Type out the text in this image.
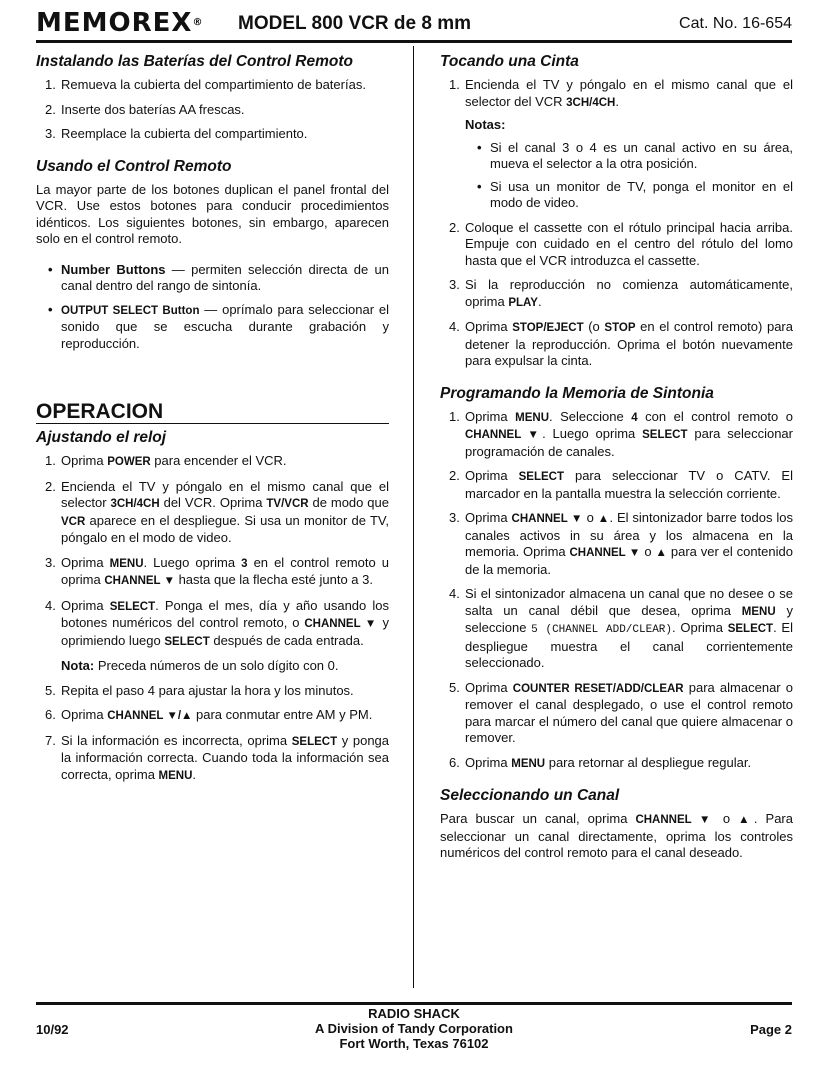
MEMOREX® MODEL 800 VCR de 8 mm	Cat. No. 16-654
Instalando las Baterías del Control Remoto
1. Remueva la cubierta del compartimiento de baterías.
2. Inserte dos baterías AA frescas.
3. Reemplace la cubierta del compartimiento.
Usando el Control Remoto

La mayor parte de los botones duplican el panel frontal del VCR. Use estos botones para conducir procedimientos idénticos. Los siguientes botones, sin embargo, aparecen solo en el control remoto.

• Number Buttons — permiten selección directa de un canal dentro del rango de sintonía.
• OUTPUT SELECT Button — oprímalo para seleccionar el sonido que se escucha durante grabación y reproducción.
OPERACION
Ajustando el reloj
1. Oprima POWER para encender el VCR.
2. Encienda el TV y póngalo en el mismo canal que el selector 3CH/4CH del VCR. Oprima TV/VCR de modo que VCR aparece en el despliegue. Si usa un monitor de TV, póngalo en el modo de video.
3. Oprima MENU. Luego oprima 3 en el control remoto u oprima CHANNEL ▼ hasta que la flecha esté junto a 3.
4. Oprima SELECT. Ponga el mes, día y año usando los botones numéricos del control remoto, o CHANNEL ▼ y oprimiendo luego SELECT después de cada entrada.
Nota: Preceda números de un solo dígito con 0.
5. Repita el paso 4 para ajustar la hora y los minutos.
6. Oprima CHANNEL ▼/▲ para conmutar entre AM y PM.
7. Si la información es incorrecta, oprima SELECT y ponga la información correcta. Cuando toda la información sea correcta, oprima MENU.
Tocando una Cinta
1. Encienda el TV y póngalo en el mismo canal que el selector del VCR 3CH/4CH.
Notas:
• Si el canal 3 o 4 es un canal activo en su área, mueva el selector a la otra posición.
• Si usa un monitor de TV, ponga el monitor en el modo de video.
2. Coloque el cassette con el rótulo principal hacia arriba. Empuje con cuidado en el centro del rótulo del lomo hasta que el VCR introduzca el cassette.
3. Si la reproducción no comienza automáticamente, oprima PLAY.
4. Oprima STOP/EJECT (o STOP en el control remoto) para detener la reproducción. Oprima el botón nuevamente para expulsar la cinta.
Programando la Memoria de Sintonia
1. Oprima MENU. Seleccione 4 con el control remoto o CHANNEL ▼. Luego oprima SELECT para seleccionar programación de canales.
2. Oprima SELECT para seleccionar TV o CATV. El marcador en la pantalla muestra la selección corriente.
3. Oprima CHANNEL ▼ o ▲. El sintonizador barre todos los canales activos in su área y los almacena en la memoria. Oprima CHANNEL ▼ o ▲ para ver el contenido de la memoria.
4. Si el sintonizador almacena un canal que no desee o se salta un canal débil que desea, oprima MENU y seleccione 5 (CHANNEL ADD/CLEAR). Oprima SELECT. El despliegue muestra el canal corrientemente seleccionado.
5. Oprima COUNTER RESET/ADD/CLEAR para almacenar o remover el canal desplegado, o use el control remoto para marcar el número del canal que quiere almacenar o remover.
6. Oprima MENU para retornar al despliegue regular.
Seleccionando un Canal

Para buscar un canal, oprima CHANNEL ▼ o ▲. Para seleccionar un canal directamente, oprima los controles numéricos del control remoto para el canal deseado.

10/92
RADIO SHACK
A Division of Tandy Corporation
Fort Worth, Texas 76102
Page 2
